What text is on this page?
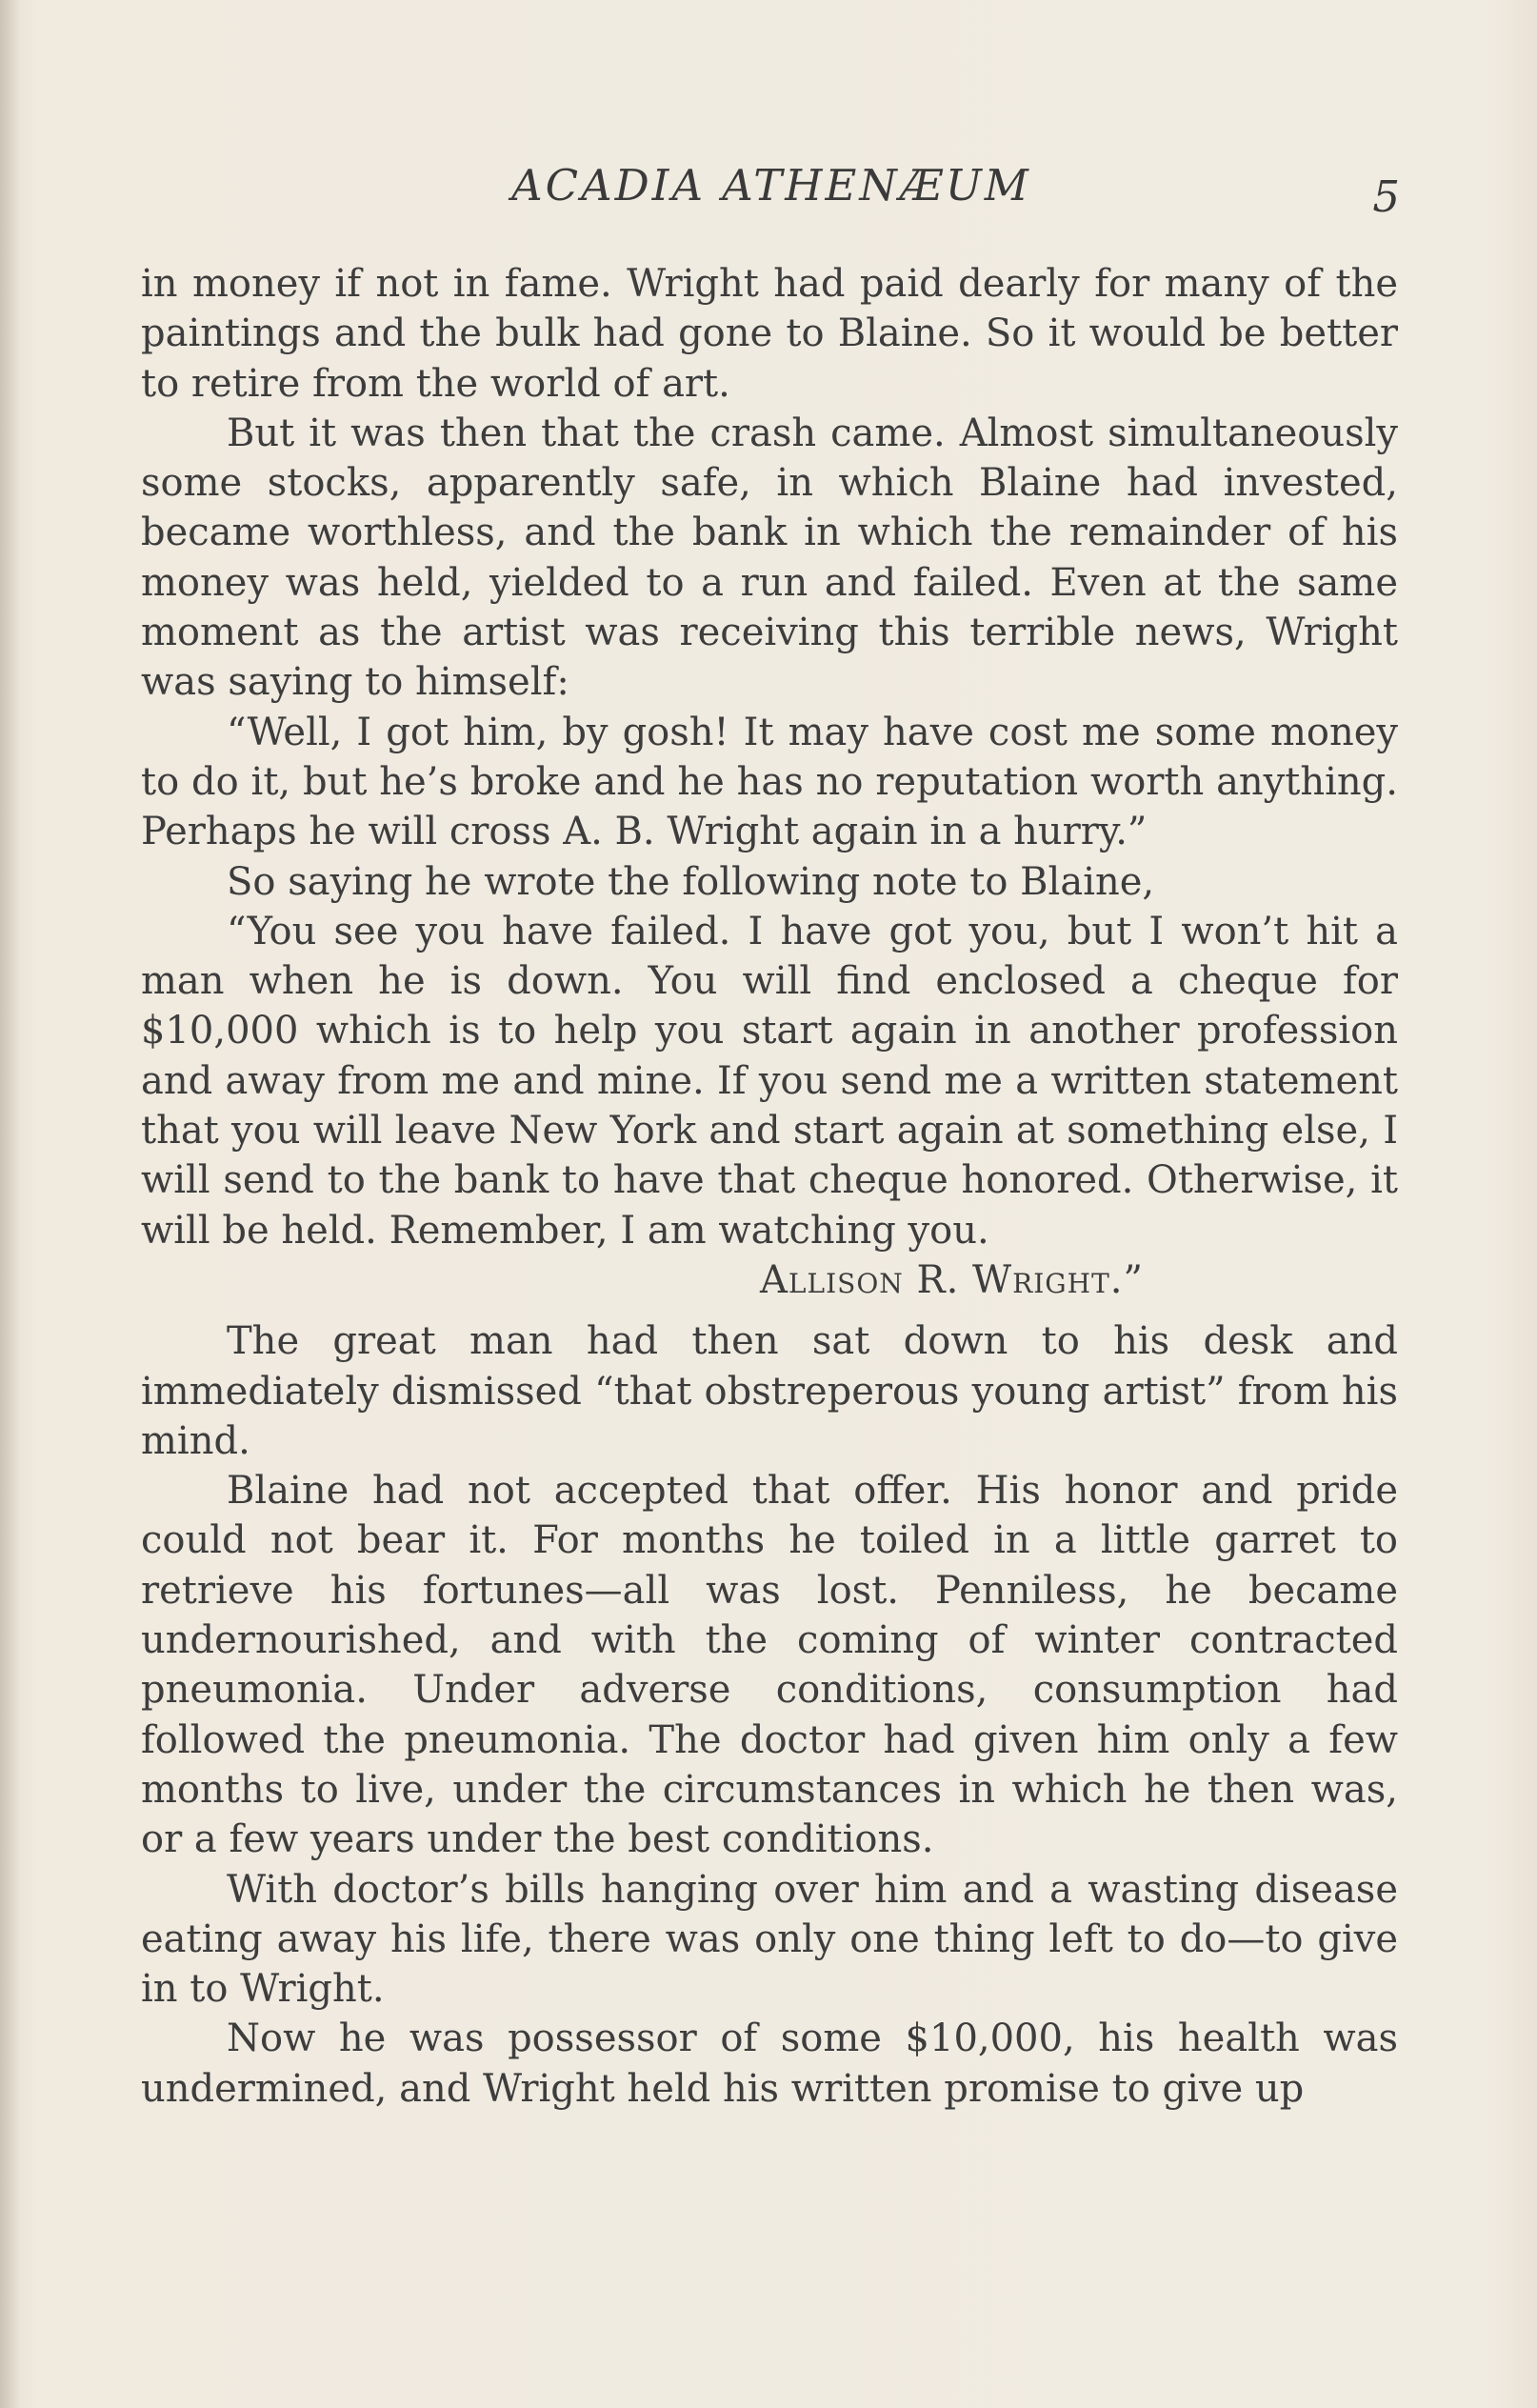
ACADIA ATHENÆUM	5

in money if not in fame. Wright had paid dearly for many of the paintings and the bulk had gone to Blaine. So it would be better to retire from the world of art.

But it was then that the crash came. Almost simultaneously some stocks, apparently safe, in which Blaine had invested, became worthless, and the bank in which the remainder of his money was held, yielded to a run and failed. Even at the same moment as the artist was receiving this terrible news, Wright was saying to himself:

“Well, I got him, by gosh! It may have cost me some money to do it, but he’s broke and he has no reputation worth anything. Perhaps he will cross A. B. Wright again in a hurry.”

So saying he wrote the following note to Blaine,

“You see you have failed. I have got you, but I won’t hit a man when he is down. You will find enclosed a cheque for $10,000 which is to help you start again in another profession and away from me and mine. If you send me a written statement that you will leave New York and start again at something else, I will send to the bank to have that cheque honored. Otherwise, it will be held. Remember, I am watching you.

Allison R. Wright.”

The great man had then sat down to his desk and immediately dismissed “that obstreperous young artist” from his mind.

Blaine had not accepted that offer. His honor and pride could not bear it. For months he toiled in a little garret to retrieve his fortunes—all was lost. Penniless, he became undernourished, and with the coming of winter contracted pneumonia. Under adverse conditions, consumption had followed the pneumonia. The doctor had given him only a few months to live, under the circumstances in which he then was, or a few years under the best conditions.

With doctor’s bills hanging over him and a wasting disease eating away his life, there was only one thing left to do—to give in to Wright.

Now he was possessor of some $10,000, his health was undermined, and Wright held his written promise to give up
